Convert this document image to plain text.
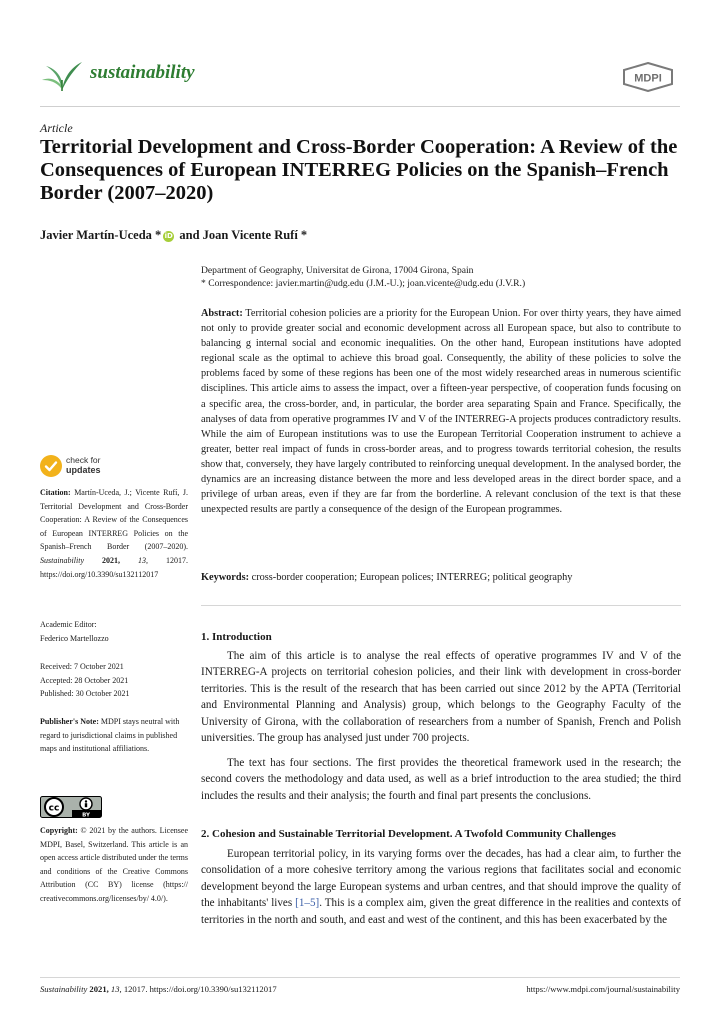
sustainability	MDPI
Article
Territorial Development and Cross-Border Cooperation: A Review of the Consequences of European INTERREG Policies on the Spanish–French Border (2007–2020)
Javier Martín-Uceda * iD and Joan Vicente Rufí *
Department of Geography, Universitat de Girona, 17004 Girona, Spain
* Correspondence: javier.martin@udg.edu (J.M.-U.); joan.vicente@udg.edu (J.V.R.)
Abstract: Territorial cohesion policies are a priority for the European Union. For over thirty years, they have aimed not only to provide greater social and economic development across all European space, but also to contribute to balancing g internal social and economic inequalities. On the other hand, European institutions have adopted regional scale as the optimal to achieve this broad goal. Consequently, the ability of these policies to solve the problems faced by some of these regions has been one of the most widely researched areas in numerous scientific disciplines. This article aims to assess the impact, over a fifteen-year perspective, of cooperation funds focusing on a specific area, the cross-border, and, in particular, the border area separating Spain and France. Specifically, the analyses of data from operative programmes IV and V of the INTERREG-A projects produces contradictory results. While the aim of European institutions was to use the European Territorial Cooperation instrument to achieve a greater, better real impact of funds in cross-border areas, and to progress towards territorial cohesion, the results show that, conversely, they have largely contributed to reinforcing unequal development. In the analysed border, the dynamics are an increasing distance between the more and less developed areas in the direct border space, and a privilege of urban areas, even if they are far from the borderline. A relevant conclusion of the text is that these unexpected results are partly a consequence of the design of the European programmes.
Keywords: cross-border cooperation; European polices; INTERREG; political geography
check for
updates
Citation: Martín-Uceda, J.; Vicente Rufí, J. Territorial Development and Cross-Border Cooperation: A Review of the Consequences of European INTERREG Policies on the Spanish–French Border (2007–2020). Sustainability 2021, 13, 12017. https://doi.org/10.3390/su132112017
Academic Editor:
Federico Martellozzo
Received: 7 October 2021
Accepted: 28 October 2021
Published: 30 October 2021
Publisher's Note: MDPI stays neutral with regard to jurisdictional claims in published maps and institutional affiliations.
cc
BY
Copyright: © 2021 by the authors. Licensee MDPI, Basel, Switzerland. This article is an open access article distributed under the terms and conditions of the Creative Commons Attribution (CC BY) license (https:// creativecommons.org/licenses/by/ 4.0/).
1. Introduction
The aim of this article is to analyse the real effects of operative programmes IV and V of the INTERREG-A projects on territorial cohesion policies, and their link with development in cross-border territories. This is the result of the research that has been carried out since 2012 by the APTA (Territorial and Environmental Planning and Analysis) group, which belongs to the Geography Faculty of the University of Girona, with the collaboration of researchers from a number of Spanish, French and Polish universities. The group has analysed just under 700 projects.
The text has four sections. The first provides the theoretical framework used in the research; the second covers the methodology and data used, as well as a brief introduction to the area studied; the third includes the results and their analysis; the fourth and final part presents the conclusions.
2. Cohesion and Sustainable Territorial Development. A Twofold Community Challenges
European territorial policy, in its varying forms over the decades, has had a clear aim, to further the consolidation of a more cohesive territory among the various regions that facilitates social and economic development beyond the large European systems and urban centres, and that should improve the quality of the inhabitants' lives [1–5]. This is a complex aim, given the great difference in the realities and contexts of territories in the north and south, and east and west of the continent, and this has been exacerbated by the
Sustainability 2021, 13, 12017. https://doi.org/10.3390/su132112017	https://www.mdpi.com/journal/sustainability
